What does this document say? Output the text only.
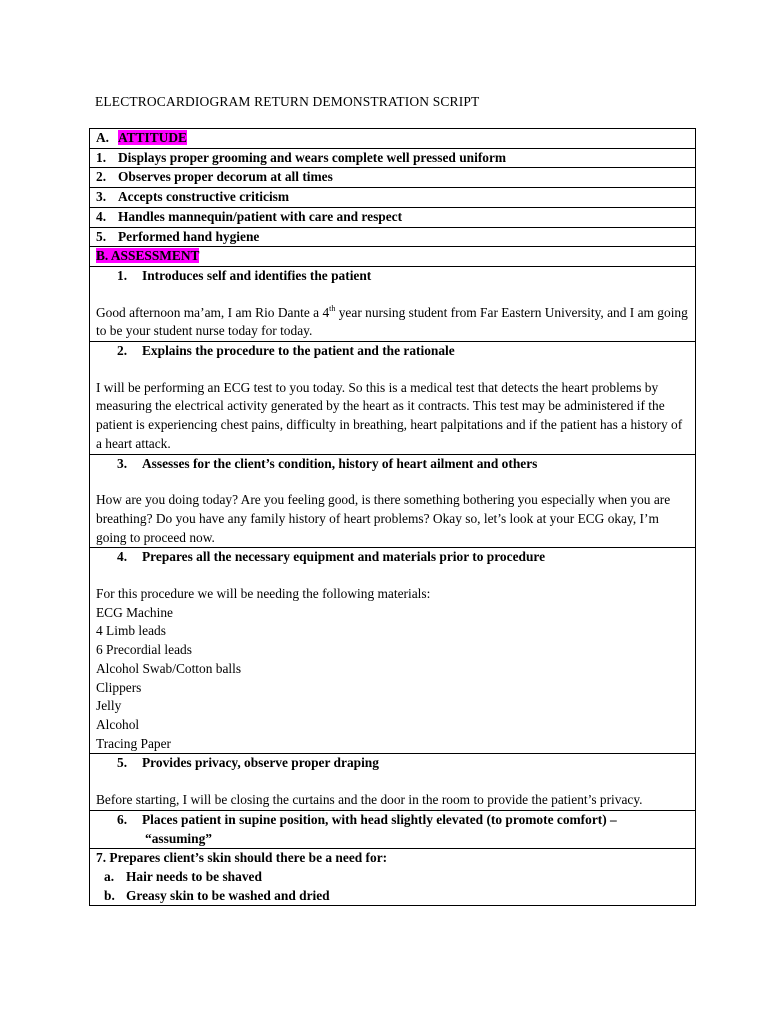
ELECTROCARDIOGRAM RETURN DEMONSTRATION SCRIPT
A. ATTITUDE
1. Displays proper grooming and wears complete well pressed uniform
2. Observes proper decorum at all times
3. Accepts constructive criticism
4. Handles mannequin/patient with care and respect
5. Performed hand hygiene
B. ASSESSMENT

1. Introduces self and identifies the patient
Good afternoon ma’am, I am Rio Dante a 4th year nursing student from Far Eastern University, and I am going to be your student nurse today for today.

2. Explains the procedure to the patient and the rationale
I will be performing an ECG test to you today. So this is a medical test that detects the heart problems by measuring the electrical activity generated by the heart as it contracts. This test may be administered if the patient is experiencing chest pains, difficulty in breathing, heart palpitations and if the patient has a history of a heart attack.

3. Assesses for the client’s condition, history of heart ailment and others
How are you doing today? Are you feeling good, is there something bothering you especially when you are breathing? Do you have any family history of heart problems? Okay so, let’s look at your ECG okay, I’m going to proceed now.

4. Prepares all the necessary equipment and materials prior to procedure
For this procedure we will be needing the following materials:
ECG Machine
4 Limb leads
6 Precordial leads
Alcohol Swab/Cotton balls
Clippers
Jelly
Alcohol
Tracing Paper

5. Provides privacy, observe proper draping
Before starting, I will be closing the curtains and the door in the room to provide the patient’s privacy.

6. Places patient in supine position, with head slightly elevated (to promote comfort) –
“assuming”

7. Prepares client’s skin should there be a need for:
a. Hair needs to be shaved
b. Greasy skin to be washed and dried
